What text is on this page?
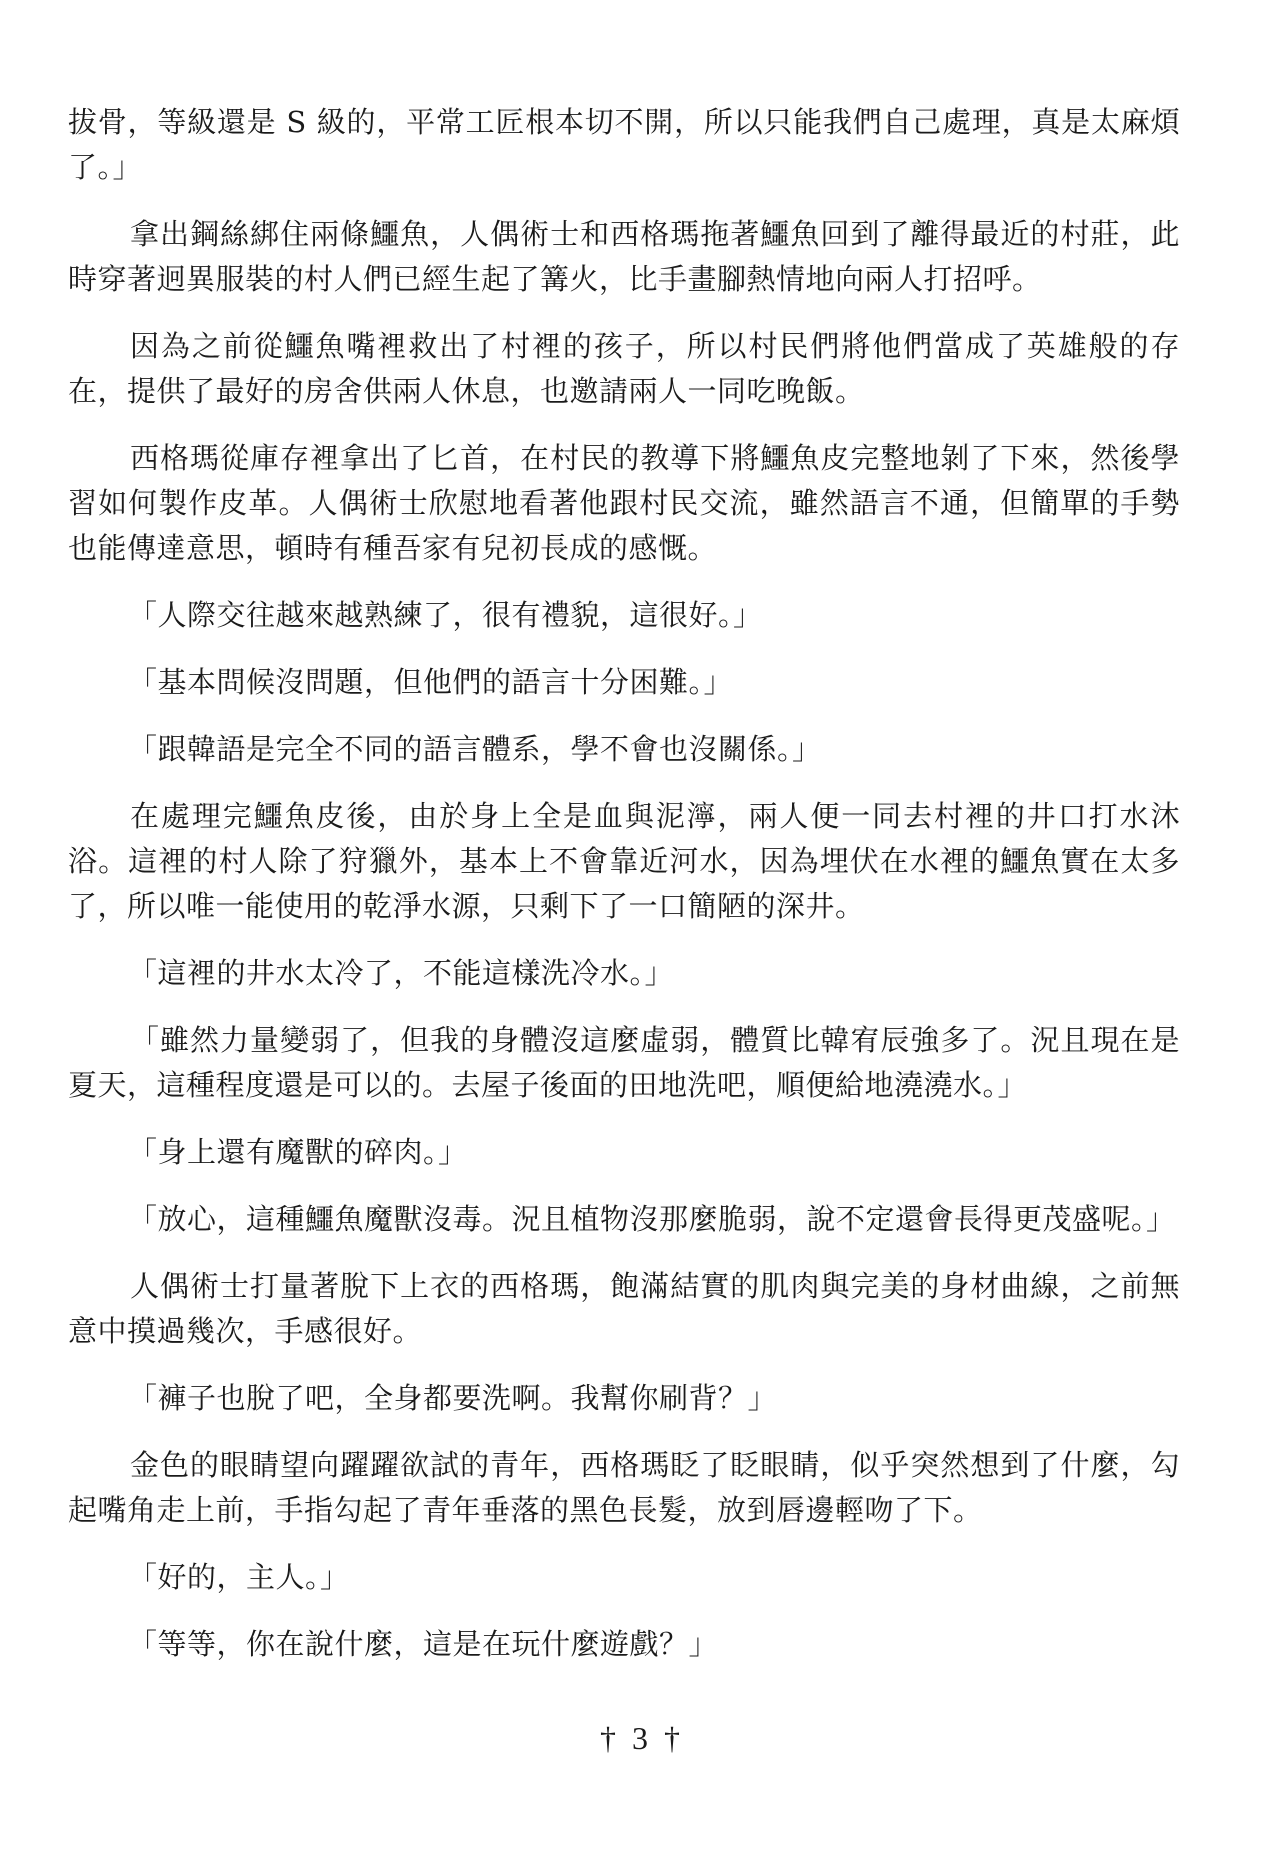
拔骨，等級還是 S 級的，平常工匠根本切不開，所以只能我們自己處理，真是太麻煩了。」

拿出鋼絲綁住兩條鱷魚，人偶術士和西格瑪拖著鱷魚回到了離得最近的村莊，此時穿著迥異服裝的村人們已經生起了篝火，比手畫腳熱情地向兩人打招呼。

因為之前從鱷魚嘴裡救出了村裡的孩子，所以村民們將他們當成了英雄般的存在，提供了最好的房舍供兩人休息，也邀請兩人一同吃晚飯。

西格瑪從庫存裡拿出了匕首，在村民的教導下將鱷魚皮完整地剝了下來，然後學習如何製作皮革。人偶術士欣慰地看著他跟村民交流，雖然語言不通，但簡單的手勢也能傳達意思，頓時有種吾家有兒初長成的感慨。

「人際交往越來越熟練了，很有禮貌，這很好。」

「基本問候沒問題，但他們的語言十分困難。」

「跟韓語是完全不同的語言體系，學不會也沒關係。」

在處理完鱷魚皮後，由於身上全是血與泥濘，兩人便一同去村裡的井口打水沐浴。這裡的村人除了狩獵外，基本上不會靠近河水，因為埋伏在水裡的鱷魚實在太多了，所以唯一能使用的乾淨水源，只剩下了一口簡陋的深井。

「這裡的井水太冷了，不能這樣洗冷水。」

「雖然力量變弱了，但我的身體沒這麼虛弱，體質比韓宥辰強多了。況且現在是夏天，這種程度還是可以的。去屋子後面的田地洗吧，順便給地澆澆水。」

「身上還有魔獸的碎肉。」

「放心，這種鱷魚魔獸沒毒。況且植物沒那麼脆弱，說不定還會長得更茂盛呢。」

人偶術士打量著脫下上衣的西格瑪，飽滿結實的肌肉與完美的身材曲線，之前無意中摸過幾次，手感很好。

「褲子也脫了吧，全身都要洗啊。我幫你刷背？」

金色的眼睛望向躍躍欲試的青年，西格瑪眨了眨眼睛，似乎突然想到了什麼，勾起嘴角走上前，手指勾起了青年垂落的黑色長髮，放到唇邊輕吻了下。

「好的，主人。」

「等等，你在說什麼，這是在玩什麼遊戲？」

† 3 †
